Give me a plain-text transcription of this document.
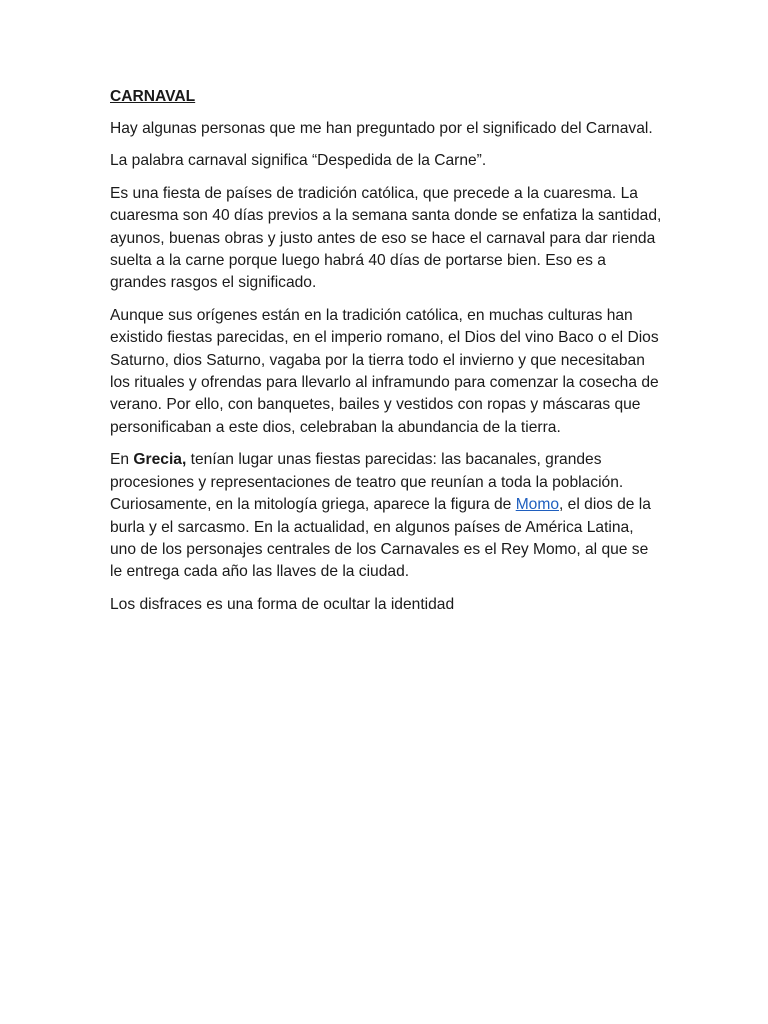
CARNAVAL

Hay algunas personas que me han preguntado por el significado del Carnaval.

La palabra carnaval significa “Despedida de la Carne”.

Es una fiesta de países de tradición católica, que precede a la cuaresma. La cuaresma son 40 días previos a la semana santa donde se enfatiza la santidad, ayunos, buenas obras y justo antes de eso se hace el carnaval para dar rienda suelta a la carne porque luego habrá 40 días de portarse bien. Eso es a grandes rasgos el significado.

Aunque sus orígenes están en la tradición católica, en muchas culturas han existido fiestas parecidas, en el imperio romano, el Dios del vino Baco o el Dios Saturno, dios Saturno, vagaba por la tierra todo el invierno y que necesitaban los rituales y ofrendas para llevarlo al inframundo para comenzar la cosecha de verano. Por ello, con banquetes, bailes y vestidos con ropas y máscaras que personificaban a este dios, celebraban la abundancia de la tierra.

En Grecia, tenían lugar unas fiestas parecidas: las bacanales, grandes procesiones y representaciones de teatro que reunían a toda la población. Curiosamente, en la mitología griega, aparece la figura de Momo, el dios de la burla y el sarcasmo. En la actualidad, en algunos países de América Latina, uno de los personajes centrales de los Carnavales es el Rey Momo, al que se le entrega cada año las llaves de la ciudad.

Los disfraces es una forma de ocultar la identidad
